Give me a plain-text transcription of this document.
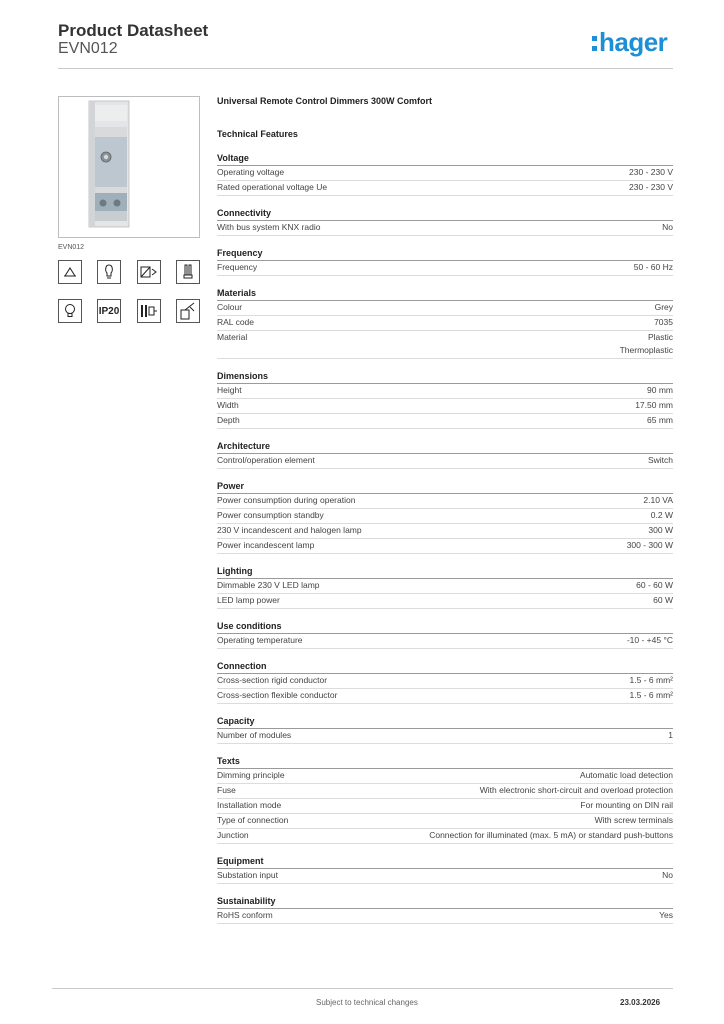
Product Datasheet
EVN012	hager
EVN012
IP20
Universal Remote Control Dimmers 300W Comfort
Technical Features
Voltage
Operating voltage	230 - 230 V
Rated operational voltage Ue	230 - 230 V
Connectivity
With bus system KNX radio	No
Frequency
Frequency	50 - 60 Hz
Materials
Colour	Grey
RAL code	7035
Material	Plastic
Thermoplastic
Dimensions
Height	90 mm
Width	17.50 mm
Depth	65 mm
Architecture
Control/operation element	Switch
Power
Power consumption during operation	2.10 VA
Power consumption standby	0.2 W
230 V incandescent and halogen lamp	300 W
Power incandescent lamp	300 - 300 W
Lighting
Dimmable 230 V LED lamp	60 - 60 W
LED lamp power	60 W
Use conditions
Operating temperature	-10 - +45 °C
Connection
Cross-section rigid conductor	1.5 - 6 mm²
Cross-section flexible conductor	1.5 - 6 mm²
Capacity
Number of modules	1
Texts
Dimming principle	Automatic load detection
Fuse	With electronic short-circuit and overload protection
Installation mode	For mounting on DIN rail
Type of connection	With screw terminals
Junction	Connection for illuminated (max. 5 mA) or standard push-buttons
Equipment
Substation input	No
Sustainability
RoHS conform	Yes
Subject to technical changes	23.03.2026
